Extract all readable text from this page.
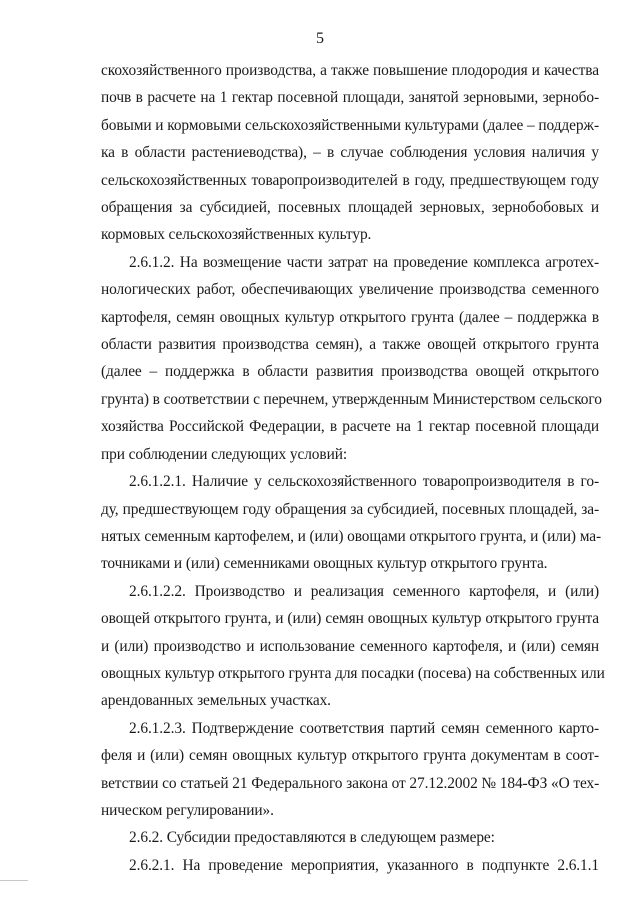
5

скохозяйственного производства, а также повышение плодородия и качества
почв в расчете на 1 гектар посевной площади, занятой зерновыми, зернобо-
бовыми и кормовыми сельскохозяйственными культурами (далее – поддерж-
ка в области растениеводства), – в случае соблюдения условия наличия у
сельскохозяйственных товаропроизводителей в году, предшествующем году
обращения за субсидией, посевных площадей зерновых, зернобобовых и
кормовых сельскохозяйственных культур.

2.6.1.2. На возмещение части затрат на проведение комплекса агротех-
нологических работ, обеспечивающих увеличение производства семенного
картофеля, семян овощных культур открытого грунта (далее – поддержка в
области развития производства семян), а также овощей открытого грунта
(далее – поддержка в области развития производства овощей открытого
грунта) в соответствии с перечнем, утвержденным Министерством сельского
хозяйства Российской Федерации, в расчете на 1 гектар посевной площади
при соблюдении следующих условий:

2.6.1.2.1. Наличие у сельскохозяйственного товаропроизводителя в го-
ду, предшествующем году обращения за субсидией, посевных площадей, за-
нятых семенным картофелем, и (или) овощами открытого грунта, и (или) ма-
точниками и (или) семенниками овощных культур открытого грунта.

2.6.1.2.2. Производство и реализация семенного картофеля, и (или)
овощей открытого грунта, и (или) семян овощных культур открытого грунта
и (или) производство и использование семенного картофеля, и (или) семян
овощных культур открытого грунта для посадки (посева) на собственных или
арендованных земельных участках.

2.6.1.2.3. Подтверждение соответствия партий семян семенного карто-
феля и (или) семян овощных культур открытого грунта документам в соот-
ветствии со статьей 21 Федерального закона от 27.12.2002 № 184-ФЗ «О тех-
ническом регулировании».

2.6.2. Субсидии предоставляются в следующем размере:

2.6.2.1. На проведение мероприятия, указанного в подпункте 2.6.1.1
